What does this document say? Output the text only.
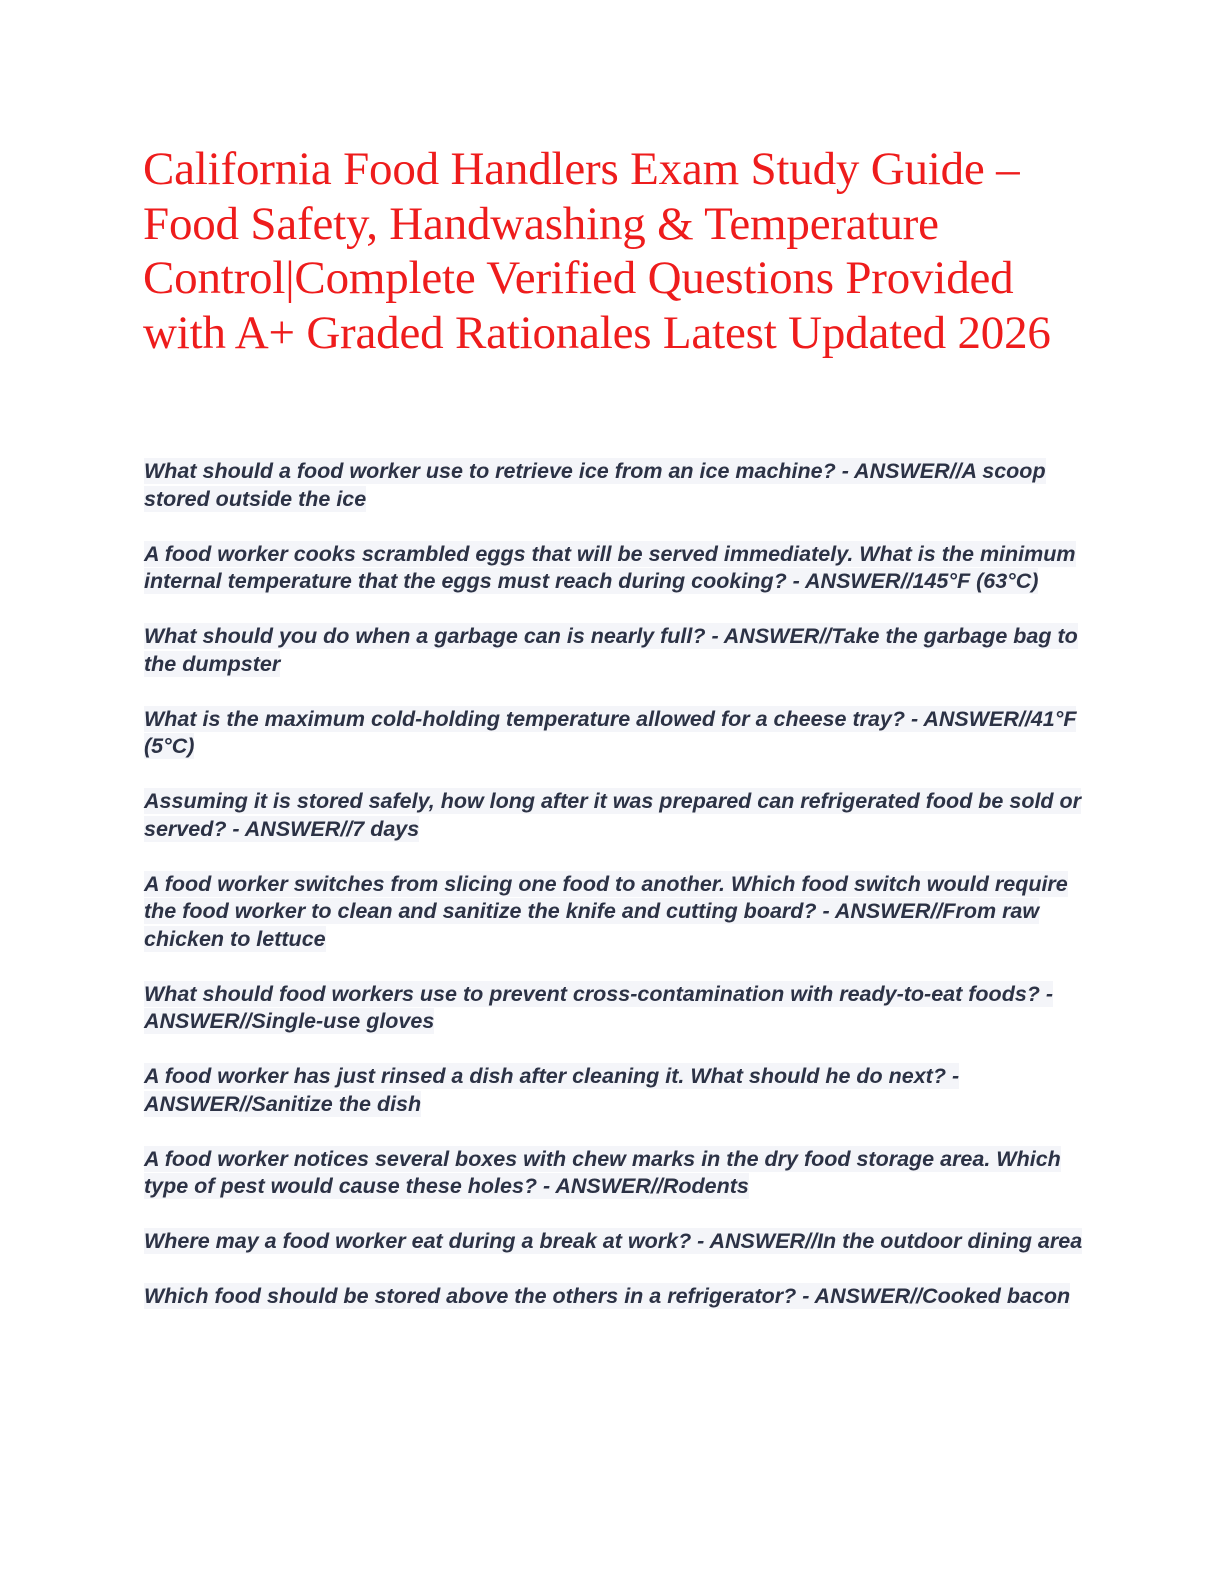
California Food Handlers Exam Study Guide – Food Safety, Handwashing & Temperature Control|Complete Verified Questions Provided with A+ Graded Rationales Latest Updated 2026
What should a food worker use to retrieve ice from an ice machine? - ANSWER//A scoop stored outside the ice
A food worker cooks scrambled eggs that will be served immediately. What is the minimum internal temperature that the eggs must reach during cooking? - ANSWER//145°F (63°C)
What should you do when a garbage can is nearly full? - ANSWER//Take the garbage bag to the dumpster
What is the maximum cold-holding temperature allowed for a cheese tray? - ANSWER//41°F (5°C)
Assuming it is stored safely, how long after it was prepared can refrigerated food be sold or served? - ANSWER//7 days
A food worker switches from slicing one food to another. Which food switch would require the food worker to clean and sanitize the knife and cutting board? - ANSWER//From raw chicken to lettuce
What should food workers use to prevent cross-contamination with ready-to-eat foods? - ANSWER//Single-use gloves
A food worker has just rinsed a dish after cleaning it. What should he do next? - ANSWER//Sanitize the dish
A food worker notices several boxes with chew marks in the dry food storage area. Which type of pest would cause these holes? - ANSWER//Rodents
Where may a food worker eat during a break at work? - ANSWER//In the outdoor dining area
Which food should be stored above the others in a refrigerator? - ANSWER//Cooked bacon
